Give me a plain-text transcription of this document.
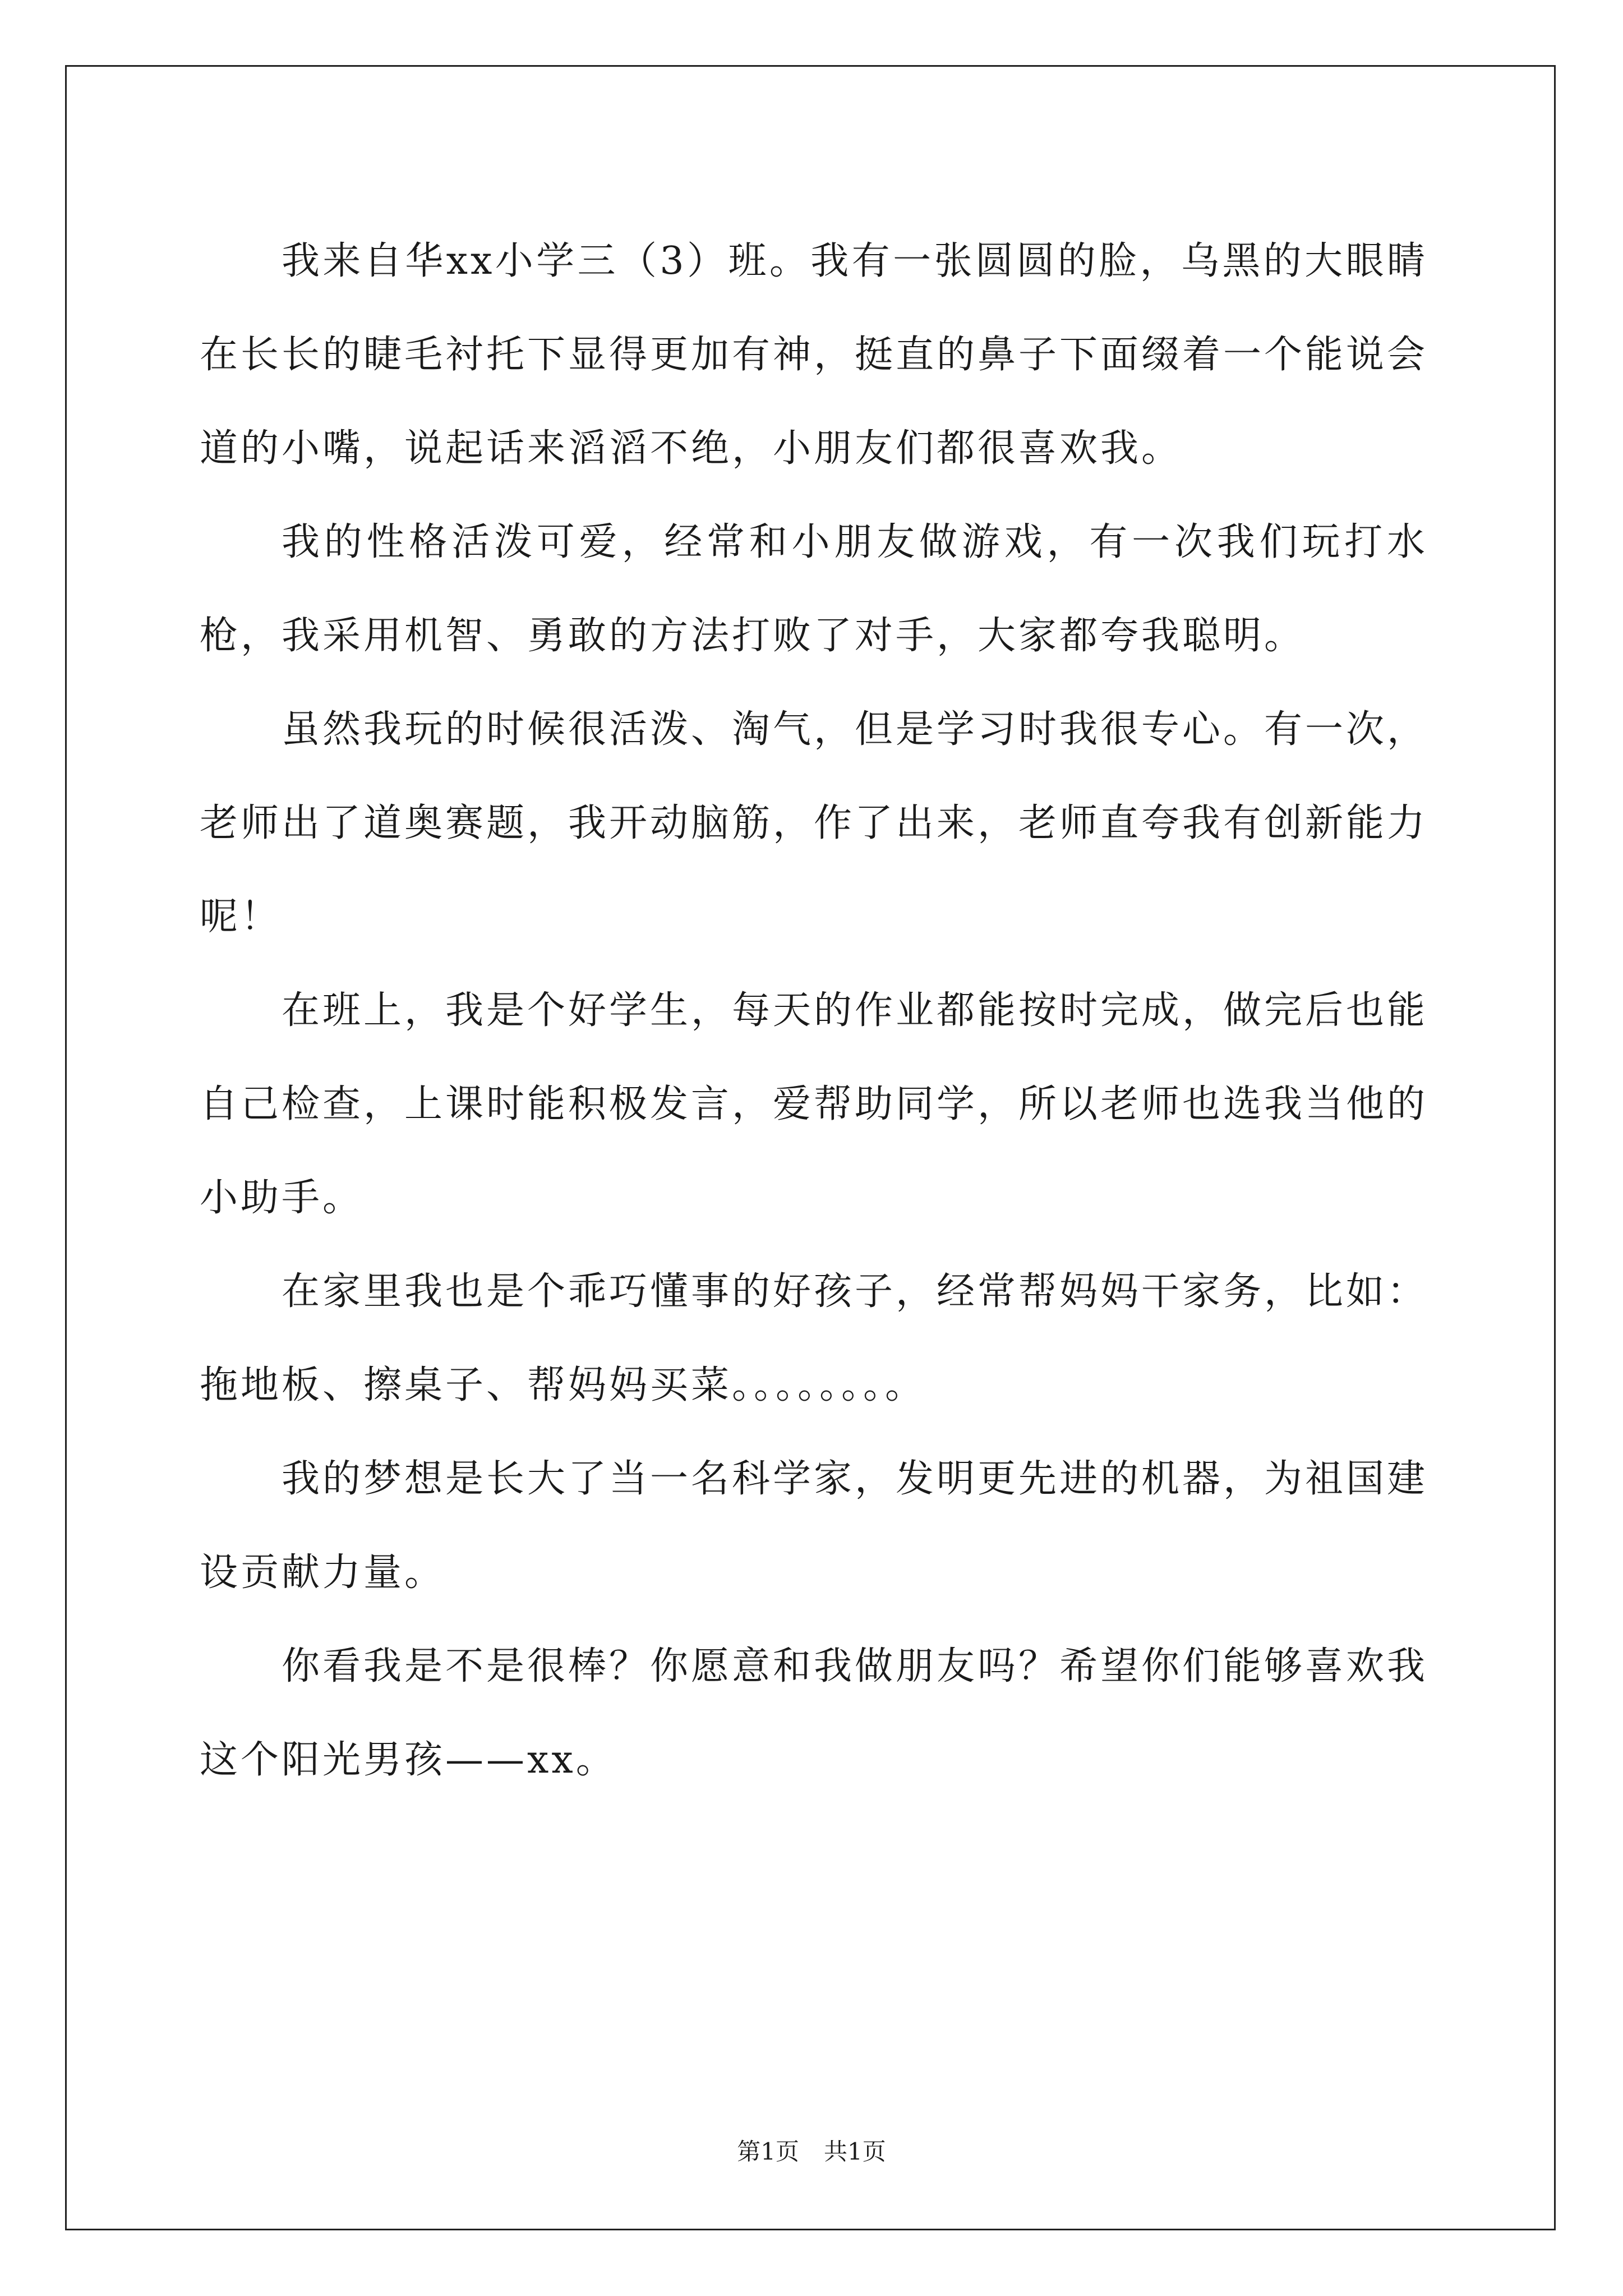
我来自华xx小学三（3）班。我有一张圆圆的脸，乌黑的大眼睛在长长的睫毛衬托下显得更加有神，挺直的鼻子下面缀着一个能说会道的小嘴，说起话来滔滔不绝，小朋友们都很喜欢我。

我的性格活泼可爱，经常和小朋友做游戏，有一次我们玩打水枪，我采用机智、勇敢的方法打败了对手，大家都夸我聪明。

虽然我玩的时候很活泼、淘气，但是学习时我很专心。有一次，老师出了道奥赛题，我开动脑筋，作了出来，老师直夸我有创新能力呢！

在班上，我是个好学生，每天的作业都能按时完成，做完后也能自己检查，上课时能积极发言，爱帮助同学，所以老师也选我当他的小助手。

在家里我也是个乖巧懂事的好孩子，经常帮妈妈干家务，比如：拖地板、擦桌子、帮妈妈买菜。。。。。。。。

我的梦想是长大了当一名科学家，发明更先进的机器，为祖国建设贡献力量。

你看我是不是很棒？你愿意和我做朋友吗？希望你们能够喜欢我这个阳光男孩——xx。

第1页 共1页
